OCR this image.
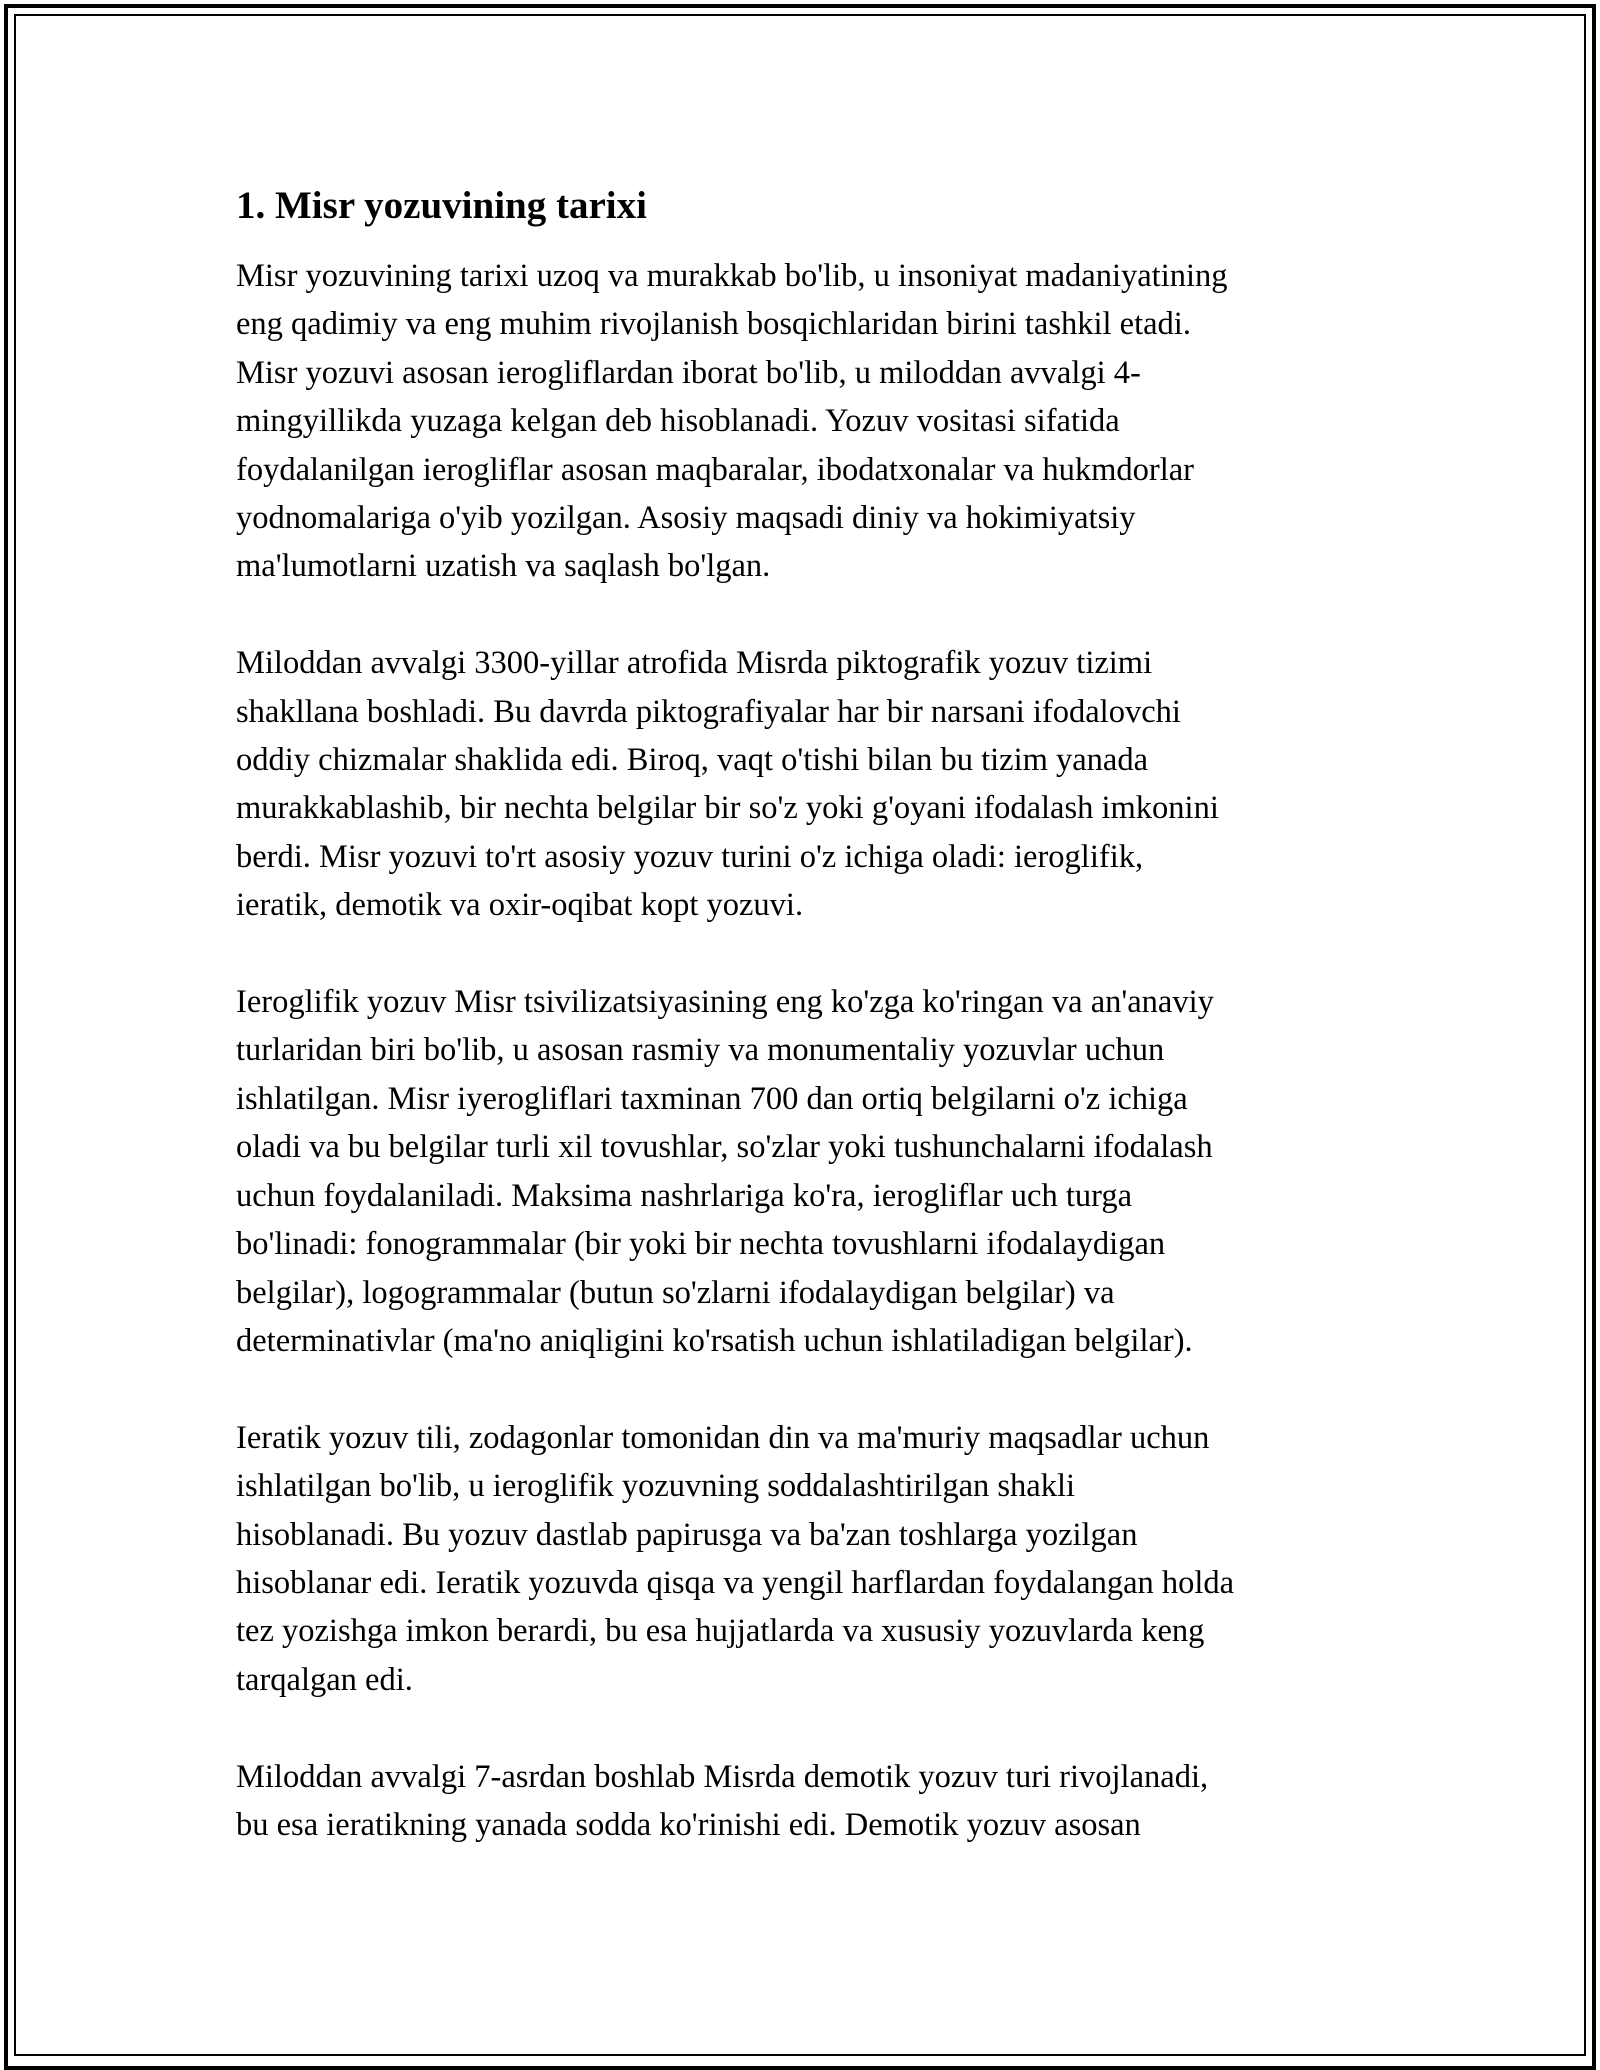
1. Misr yozuvining tarixi

Misr yozuvining tarixi uzoq va murakkab bo'lib, u insoniyat madaniyatining
eng qadimiy va eng muhim rivojlanish bosqichlaridan birini tashkil etadi.
Misr yozuvi asosan ierogliflardan iborat bo'lib, u miloddan avvalgi 4-
mingyillikda yuzaga kelgan deb hisoblanadi. Yozuv vositasi sifatida
foydalanilgan ierogliflar asosan maqbaralar, ibodatxonalar va hukmdorlar
yodnomalariga o'yib yozilgan. Asosiy maqsadi diniy va hokimiyatsiy
ma'lumotlarni uzatish va saqlash bo'lgan.

Miloddan avvalgi 3300-yillar atrofida Misrda piktografik yozuv tizimi
shakllana boshladi. Bu davrda piktografiyalar har bir narsani ifodalovchi
oddiy chizmalar shaklida edi. Biroq, vaqt o'tishi bilan bu tizim yanada
murakkablashib, bir nechta belgilar bir so'z yoki g'oyani ifodalash imkonini
berdi. Misr yozuvi to'rt asosiy yozuv turini o'z ichiga oladi: ieroglifik,
ieratik, demotik va oxir-oqibat kopt yozuvi.

Ieroglifik yozuv Misr tsivilizatsiyasining eng ko'zga ko'ringan va an'anaviy
turlaridan biri bo'lib, u asosan rasmiy va monumentaliy yozuvlar uchun
ishlatilgan. Misr iyerogliflari taxminan 700 dan ortiq belgilarni o'z ichiga
oladi va bu belgilar turli xil tovushlar, so'zlar yoki tushunchalarni ifodalash
uchun foydalaniladi. Maksima nashrlariga ko'ra, ierogliflar uch turga
bo'linadi: fonogrammalar (bir yoki bir nechta tovushlarni ifodalaydigan
belgilar), logogrammalar (butun so'zlarni ifodalaydigan belgilar) va
determinativlar (ma'no aniqligini ko'rsatish uchun ishlatiladigan belgilar).

Ieratik yozuv tili, zodagonlar tomonidan din va ma'muriy maqsadlar uchun
ishlatilgan bo'lib, u ieroglifik yozuvning soddalashtirilgan shakli
hisoblanadi. Bu yozuv dastlab papirusga va ba'zan toshlarga yozilgan
hisoblanar edi. Ieratik yozuvda qisqa va yengil harflardan foydalangan holda
tez yozishga imkon berardi, bu esa hujjatlarda va xususiy yozuvlarda keng
tarqalgan edi.

Miloddan avvalgi 7-asrdan boshlab Misrda demotik yozuv turi rivojlanadi,
bu esa ieratikning yanada sodda ko'rinishi edi. Demotik yozuv asosan
